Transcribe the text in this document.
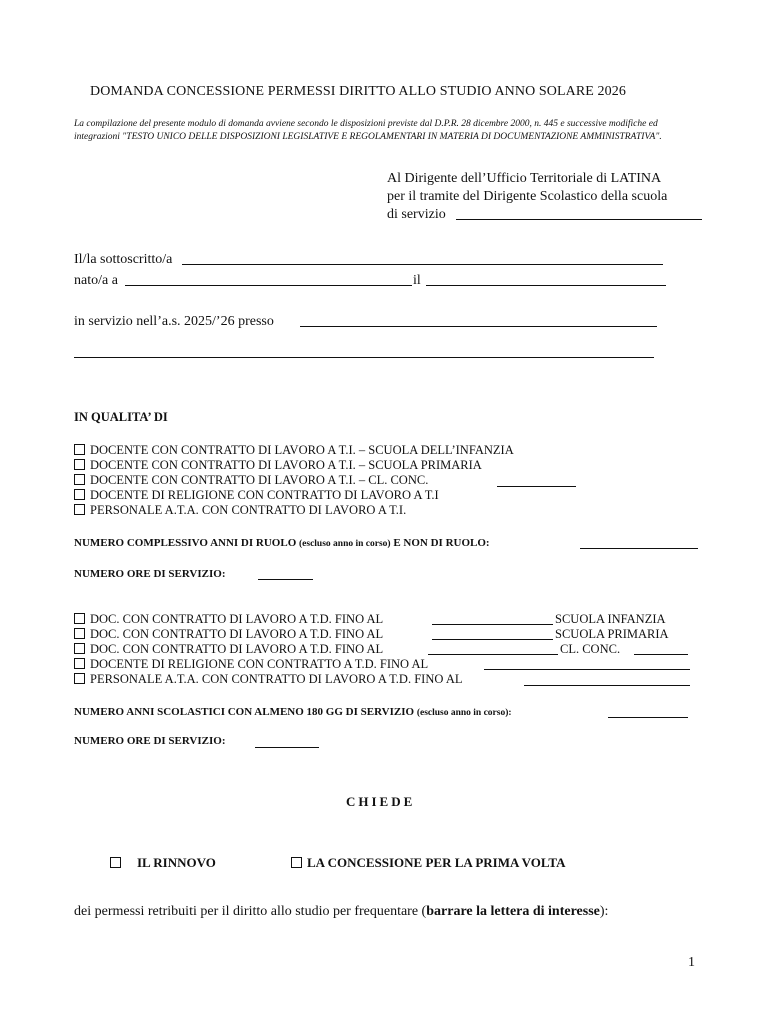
DOMANDA CONCESSIONE PERMESSI DIRITTO ALLO STUDIO ANNO SOLARE 2026
La compilazione del presente modulo di domanda avviene secondo le disposizioni previste dal D.P.R. 28 dicembre 2000, n. 445 e successive modifiche ed integrazioni "TESTO UNICO DELLE DISPOSIZIONI LEGISLATIVE E REGOLAMENTARI IN MATERIA DI DOCUMENTAZIONE AMMINISTRATIVA".
Al Dirigente dell’Ufficio Territoriale di LATINA
per il tramite del Dirigente Scolastico della scuola
di servizio
Il/la sottoscritto/a
nato/a a	il
in servizio nell’a.s. 2025/’26 presso
IN QUALITA’ DI
DOCENTE CON CONTRATTO DI LAVORO A T.I. – SCUOLA DELL’INFANZIA
DOCENTE CON CONTRATTO DI LAVORO A T.I. – SCUOLA PRIMARIA
DOCENTE CON CONTRATTO DI LAVORO A T.I. – CL. CONC.
DOCENTE DI RELIGIONE CON CONTRATTO DI LAVORO A T.I
PERSONALE A.T.A. CON CONTRATTO DI LAVORO A T.I.
NUMERO COMPLESSIVO ANNI DI RUOLO (escluso anno in corso) E NON DI RUOLO:
NUMERO ORE DI SERVIZIO:
DOC. CON CONTRATTO DI LAVORO A T.D. FINO AL	SCUOLA INFANZIA
DOC. CON CONTRATTO DI LAVORO A T.D. FINO AL	SCUOLA PRIMARIA
DOC. CON CONTRATTO DI LAVORO A T.D. FINO AL	CL. CONC.
DOCENTE DI RELIGIONE CON CONTRATTO A T.D. FINO AL
PERSONALE A.T.A. CON CONTRATTO DI LAVORO A T.D. FINO AL
NUMERO ANNI SCOLASTICI CON ALMENO 180 GG DI SERVIZIO (escluso anno in corso):
NUMERO ORE DI SERVIZIO:
CHIEDE
IL RINNOVO	LA CONCESSIONE PER LA PRIMA VOLTA
dei permessi retribuiti per il diritto allo studio per frequentare (barrare la lettera di interesse):
1
